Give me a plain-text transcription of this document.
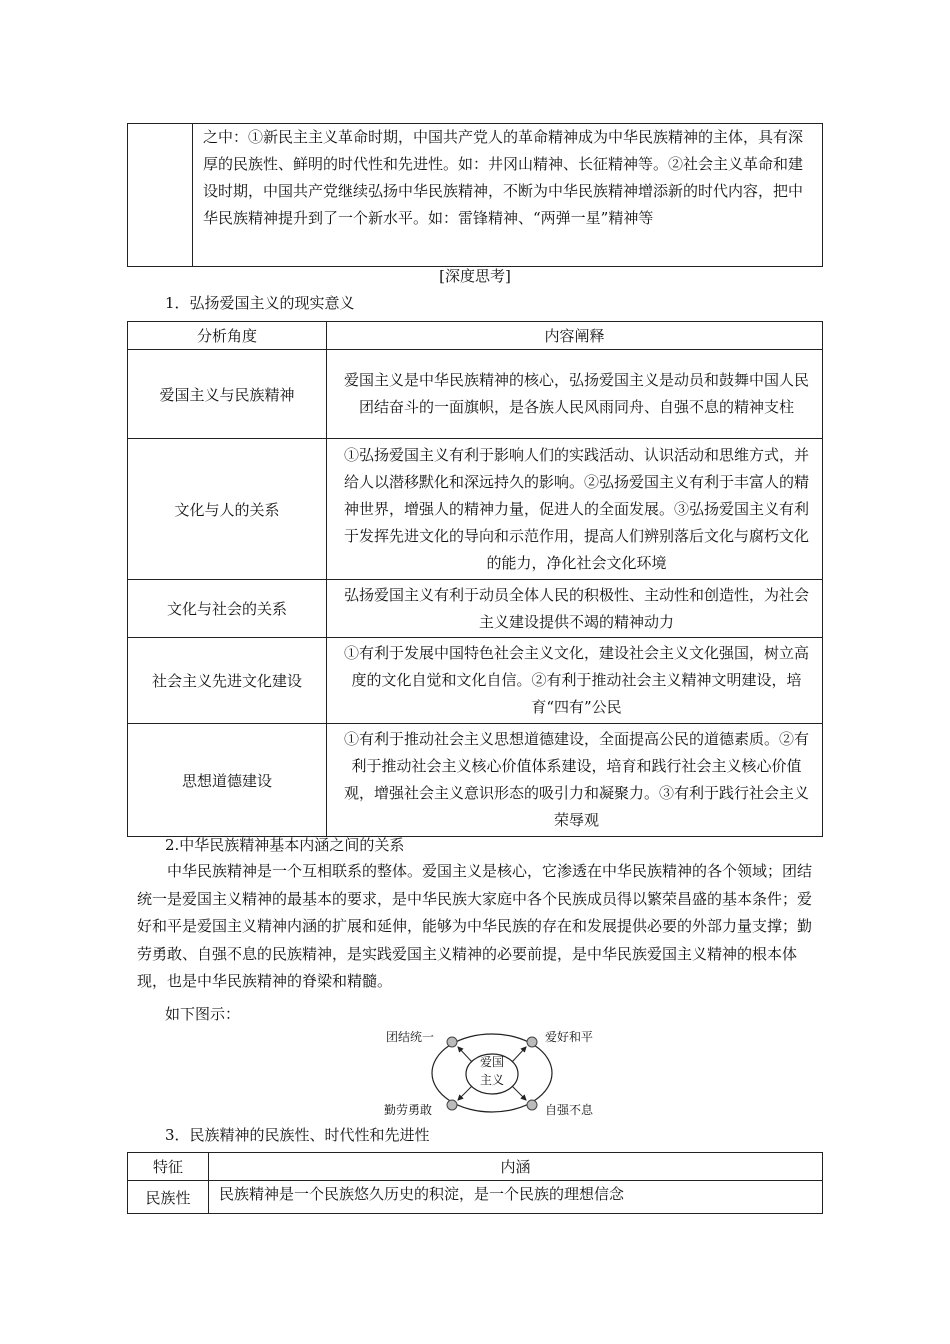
之中：①新民主主义革命时期，中国共产党人的革命精神成为中华民族精神的主体，具有深厚的民族性、鲜明的时代性和先进性。如：井冈山精神、长征精神等。②社会主义革命和建设时期，中国共产党继续弘扬中华民族精神，不断为中华民族精神增添新的时代内容，把中华民族精神提升到了一个新水平。如：雷锋精神、“两弹一星”精神等
[深度思考]
1．弘扬爱国主义的现实意义
分析角度	内容阐释
爱国主义与民族精神	爱国主义是中华民族精神的核心，弘扬爱国主义是动员和鼓舞中国人民团结奋斗的一面旗帜，是各族人民风雨同舟、自强不息的精神支柱

文化与人的关系	①弘扬爱国主义有利于影响人们的实践活动、认识活动和思维方式，并给人以潜移默化和深远持久的影响。②弘扬爱国主义有利于丰富人的精神世界，增强人的精神力量，促进人的全面发展。③弘扬爱国主义有利于发挥先进文化的导向和示范作用，提高人们辨别落后文化与腐朽文化的能力，净化社会文化环境

文化与社会的关系	弘扬爱国主义有利于动员全体人民的积极性、主动性和创造性，为社会主义建设提供不竭的精神动力

社会主义先进文化建设	①有利于发展中国特色社会主义文化，建设社会主义文化强国，树立高度的文化自觉和文化自信。②有利于推动社会主义精神文明建设，培育“四有”公民

思想道德建设	①有利于推动社会主义思想道德建设，全面提高公民的道德素质。②有利于推动社会主义核心价值体系建设，培育和践行社会主义核心价值观，增强社会主义意识形态的吸引力和凝聚力。③有利于践行社会主义荣辱观
2.中华民族精神基本内涵之间的关系
中华民族精神是一个互相联系的整体。爱国主义是核心，它渗透在中华民族精神的各个领域；团结统一是爱国主义精神的最基本的要求，是中华民族大家庭中各个民族成员得以繁荣昌盛的基本条件；爱好和平是爱国主义精神内涵的扩展和延伸，能够为中华民族的存在和发展提供必要的外部力量支撑；勤劳勇敢、自强不息的民族精神，是实践爱国主义精神的必要前提，是中华民族爱国主义精神的根本体现，也是中华民族精神的脊梁和精髓。
如下图示：
爱国
主义
团结统一	爱好和平
勤劳勇敢	自强不息
3．民族精神的民族性、时代性和先进性
特征	内涵
民族性	民族精神是一个民族悠久历史的积淀，是一个民族的理想信念
